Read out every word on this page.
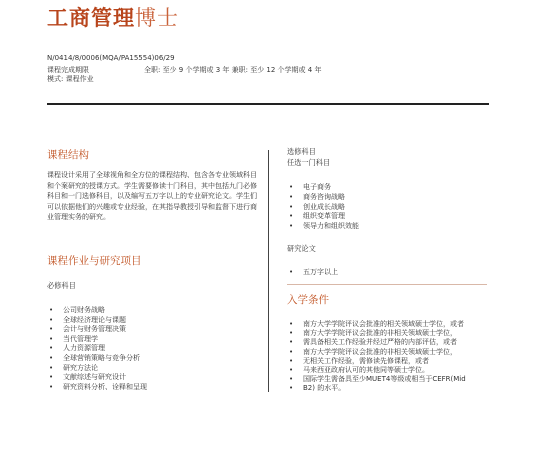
工商管理博士
N/0414/8/0006(MQA/PA15554)06/29
课程完成期限	全职: 至少 9 个学期或 3 年 兼职: 至少 12 个学期或 4 年
模式: 课程作业
课程结构
课程设计采用了全球视角和全方位的课程结构、包含各专业领域科目和个案研究的授课方式。学生需要修读十门科目，其中包括九门必修科目和一门选修科目，以及编写五万字以上的专业研究论文。学生们可以依据他们的兴趣或专业经验，在其指导教授引导和监督下进行商业管理实务的研究。
课程作业与研究项目
必修科目
• 公司财务战略
• 全球经济理论与课题
• 会计与财务管理决策
• 当代管理学
• 人力资源管理
• 全球营销策略与竞争分析
• 研究方法论
• 文献综述与研究设计
• 研究资料分析、诠释和呈现
选修科目
任选一门科目
• 电子商务
• 商务咨询战略
• 创业成长战略
• 组织变革管理
• 领导力和组织效能
研究论文
• 五万字以上
入学条件
• 南方大学学院评议会批准的相关领域硕士学位，或者
• 南方大学学院评议会批准的非相关领域硕士学位，
• 需具备相关工作经验并经过严格的内部评估，或者
• 南方大学学院评议会批准的非相关领域硕士学位，
• 无相关工作经验，需修读先修课程，或者
• 马来西亚政府认可的其他同等硕士学位。
• 国际学生需备具至少MUET4等级或相当于CEFR(Mid
• B2) 的水平。
